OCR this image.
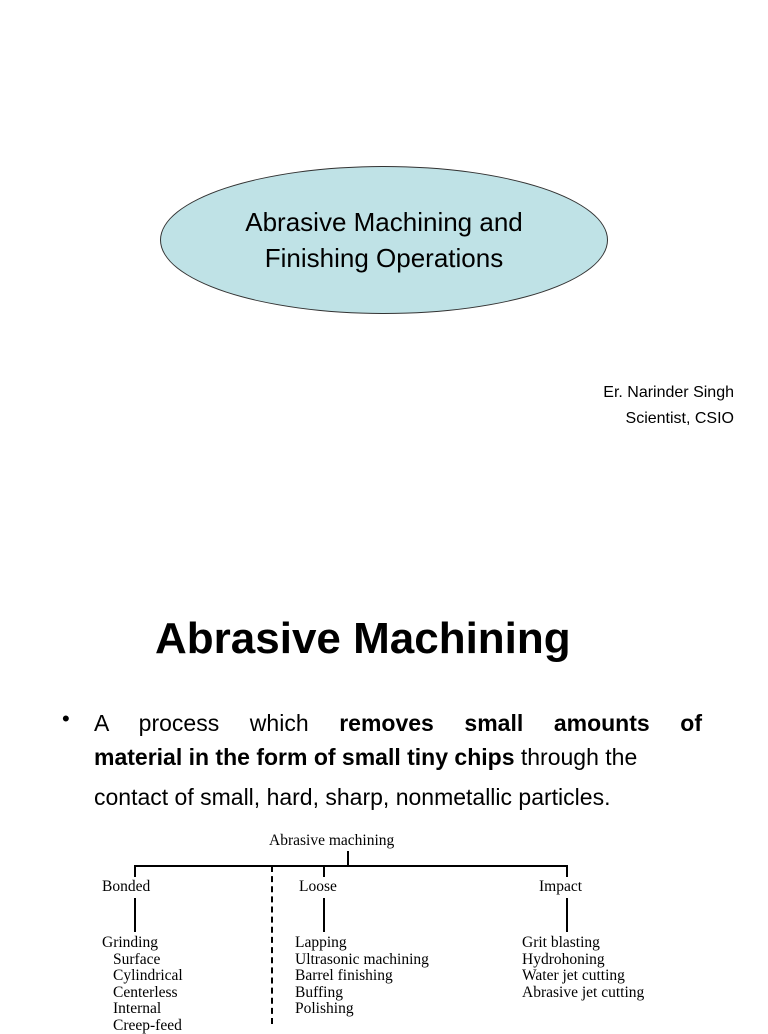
Abrasive Machining and
Finishing Operations
Er. Narinder Singh
Scientist, CSIO
Abrasive Machining
• A process which removes small amounts of
material in the form of small tiny chips through the
contact of small, hard, sharp, nonmetallic particles.
Abrasive machining
Bonded	Loose	Impact
Grinding
Surface
Cylindrical
Centerless
Internal
Creep-feed
Lapping
Ultrasonic machining
Barrel finishing
Buffing
Polishing
Grit blasting
Hydrohoning
Water jet cutting
Abrasive jet cutting
